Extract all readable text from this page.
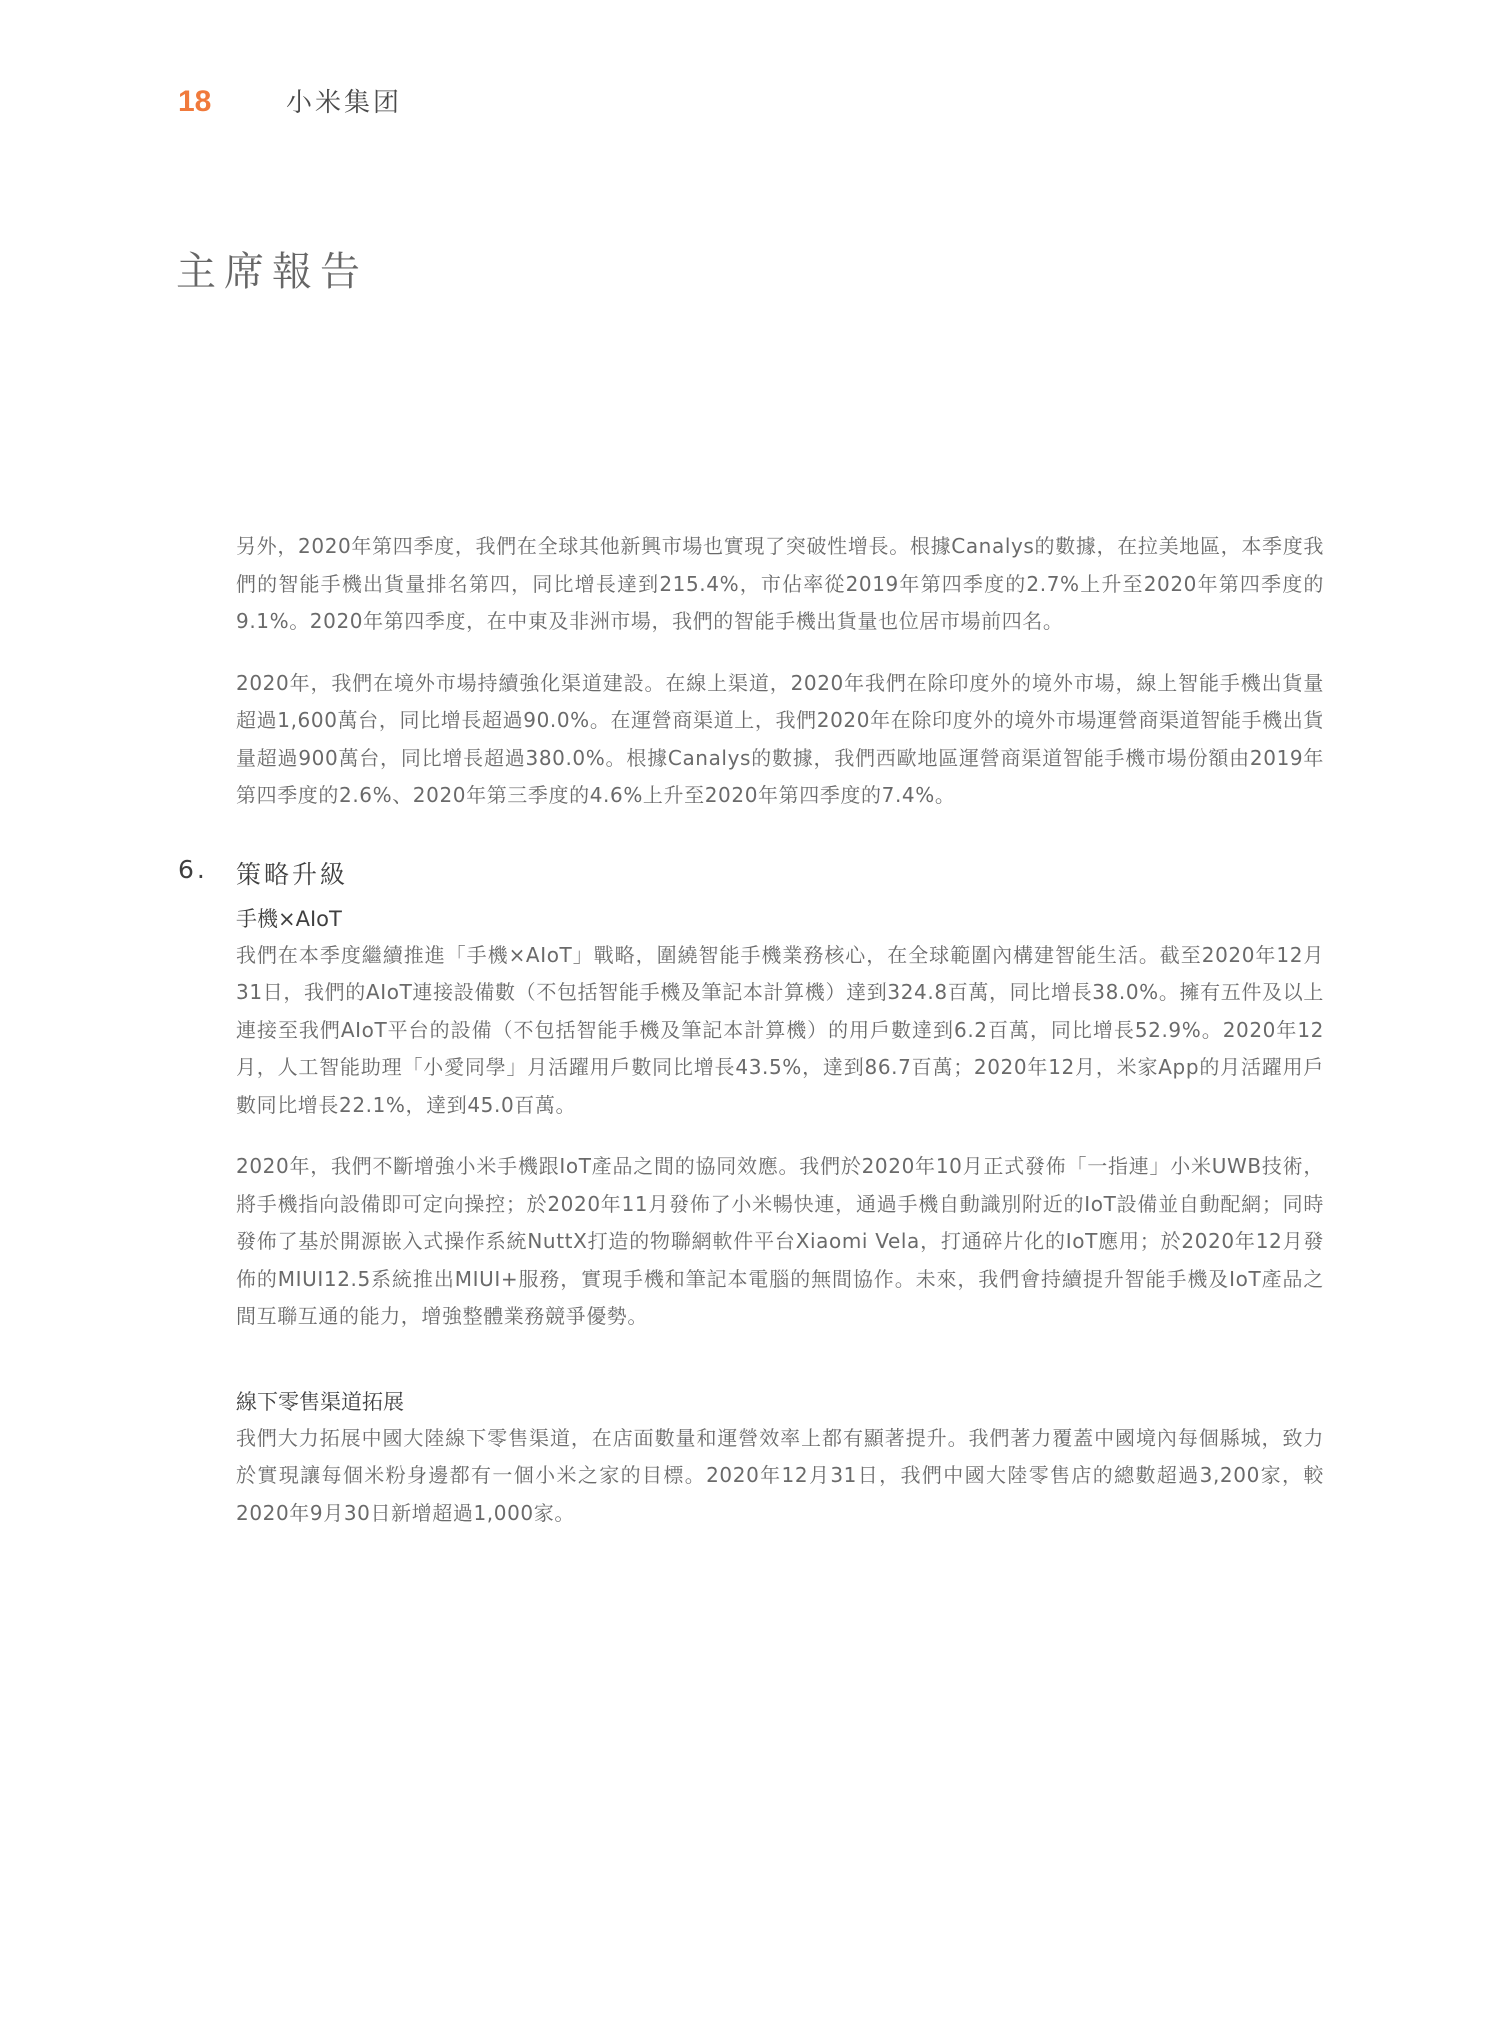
18	小米集团
主席報告

另外，2020年第四季度，我們在全球其他新興市場也實現了突破性增長。根據Canalys的數據，在拉美地區，本季度我們的智能手機出貨量排名第四，同比增長達到215.4%，市佔率從2019年第四季度的2.7%上升至2020年第四季度的9.1%。2020年第四季度，在中東及非洲市場，我們的智能手機出貨量也位居市場前四名。

2020年，我們在境外市場持續強化渠道建設。在線上渠道，2020年我們在除印度外的境外市場，線上智能手機出貨量超過1,600萬台，同比增長超過90.0%。在運營商渠道上，我們2020年在除印度外的境外市場運營商渠道智能手機出貨量超過900萬台，同比增長超過380.0%。根據Canalys的數據，我們西歐地區運營商渠道智能手機市場份額由2019年第四季度的2.6%、2020年第三季度的4.6%上升至2020年第四季度的7.4%。

6. 策略升級
手機×AIoT

我們在本季度繼續推進「手機×AIoT」戰略，圍繞智能手機業務核心，在全球範圍內構建智能生活。截至2020年12月31日，我們的AIoT連接設備數（不包括智能手機及筆記本計算機）達到324.8百萬，同比增長38.0%。擁有五件及以上連接至我們AIoT平台的設備（不包括智能手機及筆記本計算機）的用戶數達到6.2百萬，同比增長52.9%。2020年12月，人工智能助理「小愛同學」月活躍用戶數同比增長43.5%，達到86.7百萬；2020年12月，米家App的月活躍用戶數同比增長22.1%，達到45.0百萬。

2020年，我們不斷增強小米手機跟IoT產品之間的協同效應。我們於2020年10月正式發佈「一指連」小米UWB技術，將手機指向設備即可定向操控；於2020年11月發佈了小米暢快連，通過手機自動識別附近的IoT設備並自動配網；同時發佈了基於開源嵌入式操作系統NuttX打造的物聯網軟件平台Xiaomi Vela，打通碎片化的IoT應用；於2020年12月發佈的MIUI12.5系統推出MIUI+服務，實現手機和筆記本電腦的無間協作。未來，我們會持續提升智能手機及IoT產品之間互聯互通的能力，增強整體業務競爭優勢。

線下零售渠道拓展

我們大力拓展中國大陸線下零售渠道，在店面數量和運營效率上都有顯著提升。我們著力覆蓋中國境內每個縣城，致力於實現讓每個米粉身邊都有一個小米之家的目標。2020年12月31日，我們中國大陸零售店的總數超過3,200家，較2020年9月30日新增超過1,000家。
